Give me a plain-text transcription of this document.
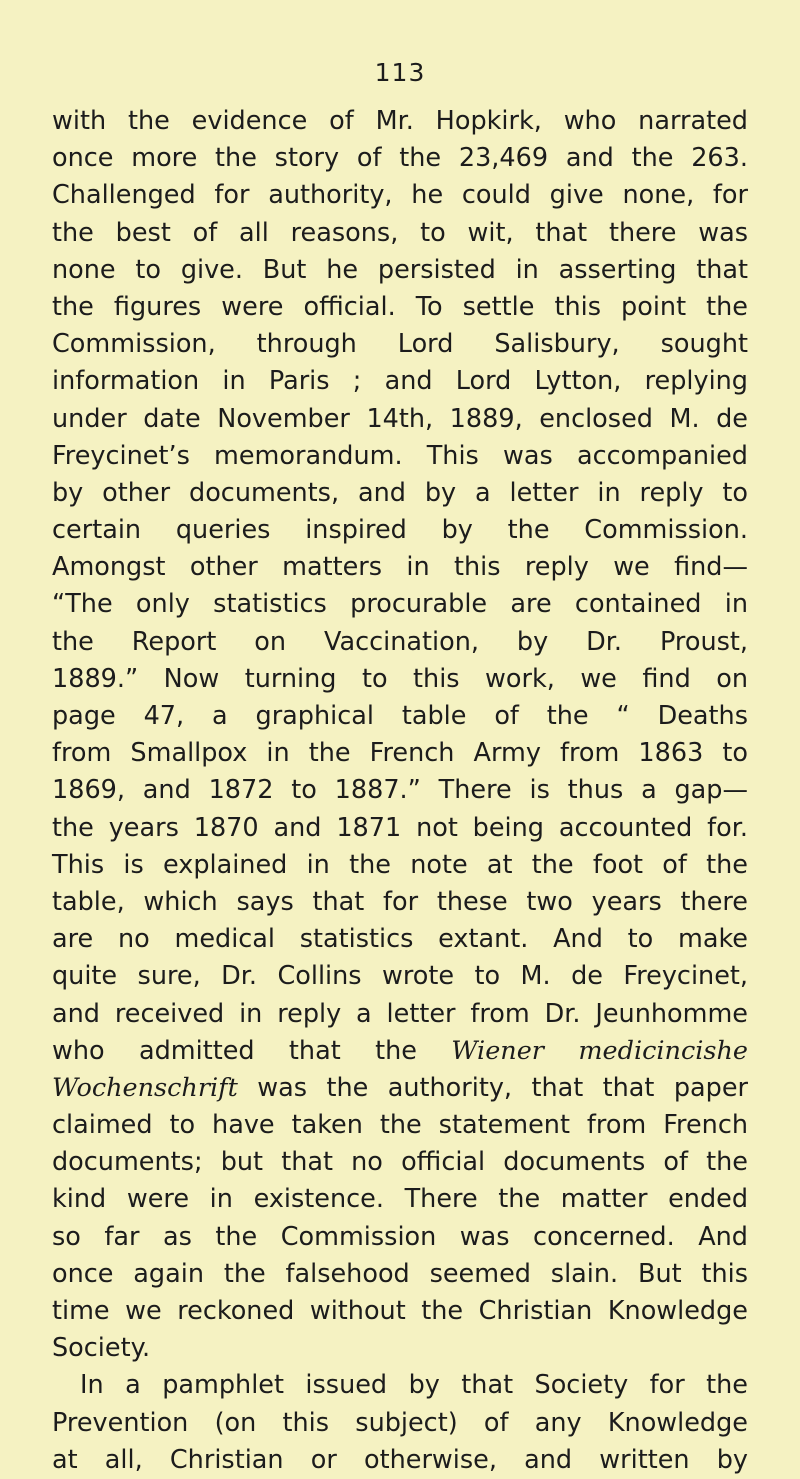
113
with the evidence of Mr. Hopkirk, who narrated
once more the story of the 23,469 and the 263.
Challenged for authority, he could give none, for
the best of all reasons, to wit, that there was
none to give. But he persisted in asserting that
the figures were official. To settle this point the
Commission, through Lord Salisbury, sought
information in Paris ; and Lord Lytton, replying
under date November 14th, 1889, enclosed M. de
Freycinet’s memorandum. This was accompanied
by other documents, and by a letter in reply to
certain queries inspired by the Commission.
Amongst other matters in this reply we find—
“The only statistics procurable are contained in
the Report on Vaccination, by Dr. Proust,
1889.” Now turning to this work, we find on
page 47, a graphical table of the “ Deaths
from Smallpox in the French Army from 1863 to
1869, and 1872 to 1887.” There is thus a gap—
the years 1870 and 1871 not being accounted for.
This is explained in the note at the foot of the
table, which says that for these two years there
are no medical statistics extant. And to make
quite sure, Dr. Collins wrote to M. de Freycinet,
and received in reply a letter from Dr. Jeunhomme
who admitted that the Wiener medicincishe
Wochenschrift was the authority, that that paper
claimed to have taken the statement from French
documents; but that no official documents of the
kind were in existence. There the matter ended
so far as the Commission was concerned. And
once again the falsehood seemed slain. But this
time we reckoned without the Christian Knowledge
Society.
In a pamphlet issued by that Society for the
Prevention (on this subject) of any Knowledge
at all, Christian or otherwise, and written by
